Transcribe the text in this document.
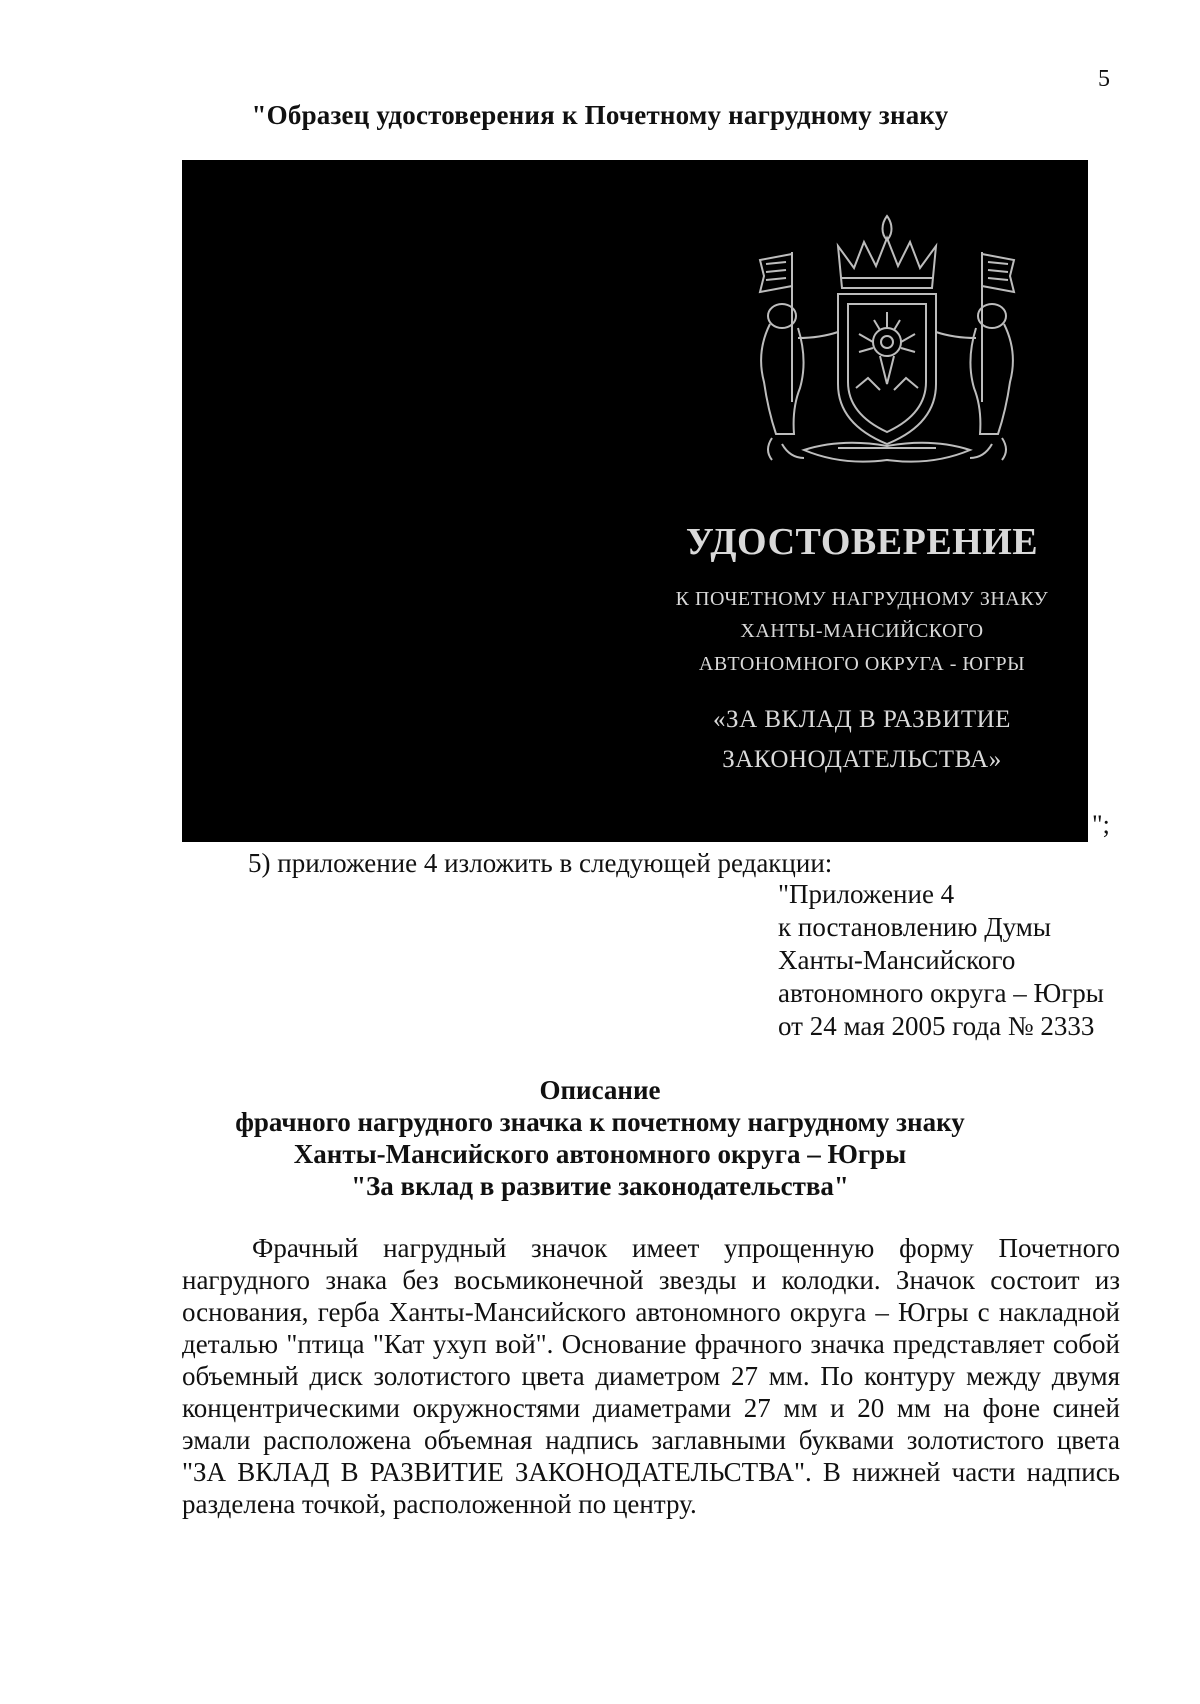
5
"Образец удостоверения к Почетному нагрудному знаку
УДОСТОВЕРЕНИЕ
К ПОЧЕТНОМУ НАГРУДНОМУ ЗНАКУ
ХАНТЫ-МАНСИЙСКОГО
АВТОНОМНОГО ОКРУГА - ЮГРЫ
«ЗА ВКЛАД В РАЗВИТИЕ
ЗАКОНОДАТЕЛЬСТВА»
";
5) приложение 4 изложить в следующей редакции:
"Приложение 4
к постановлению Думы
Ханты-Мансийского
автономного округа – Югры
от 24 мая 2005 года № 2333
Описание
фрачного нагрудного значка к почетному нагрудному знаку
Ханты-Мансийского автономного округа – Югры
"За вклад в развитие законодательства"
Фрачный нагрудный значок имеет упрощенную форму Почетного нагрудного знака без восьмиконечной звезды и колодки. Значок состоит из основания, герба Ханты-Мансийского автономного округа – Югры с накладной деталью "птица "Кат ухуп вой". Основание фрачного значка представляет собой объемный диск золотистого цвета диаметром 27 мм. По контуру между двумя концентрическими окружностями диаметрами 27 мм и 20 мм на фоне синей эмали расположена объемная надпись заглавными буквами золотистого цвета "ЗА ВКЛАД В РАЗВИТИЕ ЗАКОНОДАТЕЛЬСТВА". В нижней части надпись разделена точкой, расположенной по центру.
